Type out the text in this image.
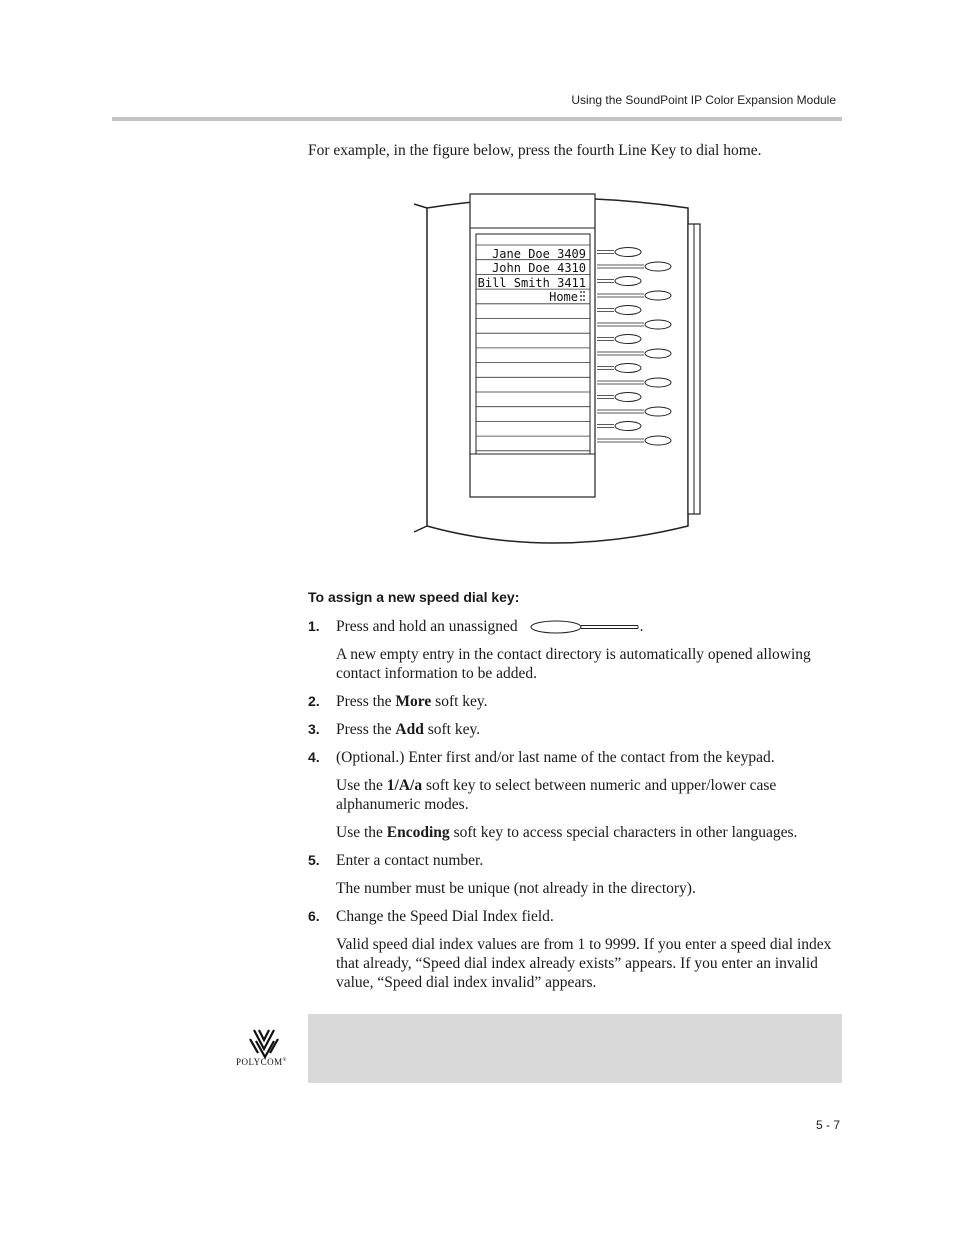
Using the SoundPoint IP Color Expansion Module
For example, in the figure below, press the fourth Line Key to dial home.
Jane Doe 3409
John Doe 4310
Bill Smith 3411
Home
To assign a new speed dial key:
1. Press and hold an unassigned	.
A new empty entry in the contact directory is automatically opened allowing contact information to be added.
2. Press the More soft key.
3. Press the Add soft key.
4. (Optional.) Enter first and/or last name of the contact from the keypad.
Use the 1/A/a soft key to select between numeric and upper/lower case alphanumeric modes.
Use the Encoding soft key to access special characters in other languages.
5. Enter a contact number.
The number must be unique (not already in the directory).
6. Change the Speed Dial Index field.
Valid speed dial index values are from 1 to 9999. If you enter a speed dial index that already, “Speed dial index already exists” appears. If you enter an invalid value, “Speed dial index invalid” appears.
POLYCOM®
5 - 7
